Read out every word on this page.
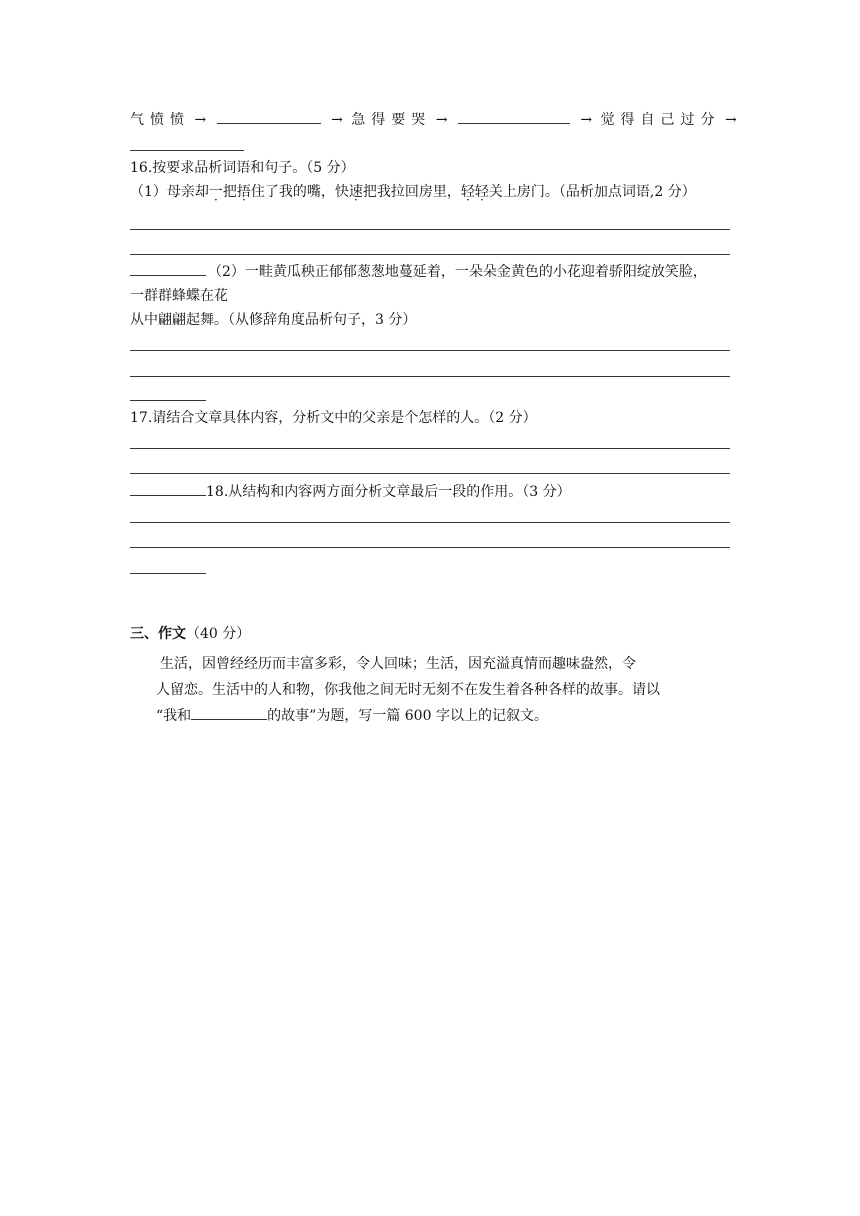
气愤愤 →	→ 急得要哭 →	→ 觉得自己过分 →
16.按要求品析词语和句子。（5 分）
（1）母亲却一把捂住了我的嘴，快速把我拉回房里，轻轻关上房门。（品析加点词语,2 分）
（2）一畦黄瓜秧正郁郁葱葱地蔓延着，一朵朵金黄色的小花迎着骄阳绽放笑脸，
一群群蜂蝶在花
从中翩翩起舞。（从修辞角度品析句子，3 分）
17.请结合文章具体内容，分析文中的父亲是个怎样的人。（2 分）
18.从结构和内容两方面分析文章最后一段的作用。（3 分）
三、作文（40 分）
生活，因曾经经历而丰富多彩，令人回味；生活，因充溢真情而趣味盎然，令
人留恋。生活中的人和物，你我他之间无时无刻不在发生着各种各样的故事。请以
“我和	的故事”为题，写一篇 600 字以上的记叙文。
